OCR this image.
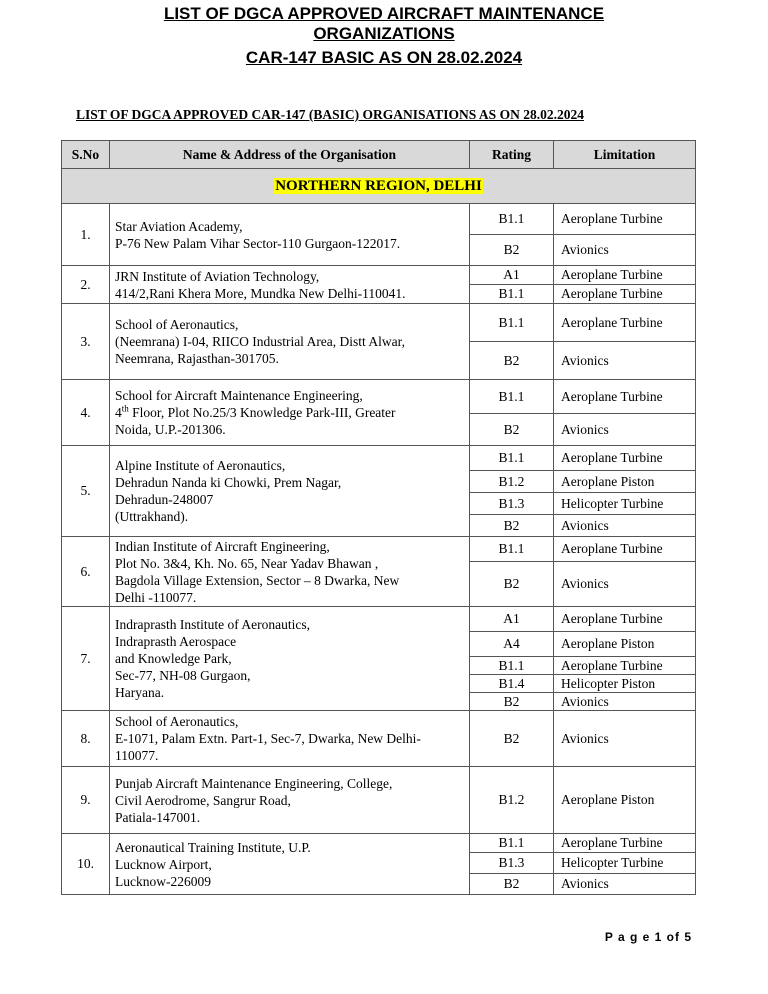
LIST OF DGCA APPROVED AIRCRAFT MAINTENANCE
ORGANIZATIONS
CAR-147 BASIC AS ON 28.02.2024
LIST OF DGCA APPROVED CAR-147 (BASIC) ORGANISATIONS AS ON 28.02.2024
S.No	Name & Address of the Organisation	Rating	Limitation
NORTHERN REGION, DELHI			
1.	Star Aviation Academy,
P-76 New Palam Vihar Sector-110 Gurgaon-122017.	B1.1	Aeroplane Turbine
		B2	Avionics
2.	JRN Institute of Aviation Technology,
414/2,Rani Khera More, Mundka New Delhi-110041.	A1	Aeroplane Turbine
		B1.1	Aeroplane Turbine
3.	School of Aeronautics,
(Neemrana) I-04, RIICO Industrial Area, Distt Alwar,
Neemrana, Rajasthan-301705.	B1.1	Aeroplane Turbine
		B2	Avionics
4.	School for Aircraft Maintenance Engineering,
4th Floor, Plot No.25/3 Knowledge Park-III, Greater
Noida, U.P.-201306.	B1.1	Aeroplane Turbine
		B2	Avionics
5.	Alpine Institute of Aeronautics,
Dehradun Nanda ki Chowki, Prem Nagar,
Dehradun-248007
(Uttrakhand).	B1.1	Aeroplane Turbine
		B1.2	Aeroplane Piston
		B1.3	Helicopter Turbine
		B2	Avionics
6.	Indian Institute of Aircraft Engineering,
Plot No. 3&4, Kh. No. 65, Near Yadav Bhawan ,
Bagdola Village Extension, Sector – 8 Dwarka, New
Delhi -110077.	B1.1	Aeroplane Turbine
		B2	Avionics
7.	Indraprasth Institute of Aeronautics,
Indraprasth Aerospace
and Knowledge Park,
Sec-77, NH-08 Gurgaon,
Haryana.	A1	Aeroplane Turbine
		A4	Aeroplane Piston
		B1.1	Aeroplane Turbine
		B1.4	Helicopter Piston
		B2	Avionics
8.	School of Aeronautics,
E-1071, Palam Extn. Part-1, Sec-7, Dwarka, New Delhi-
110077.	B2	Avionics
9.	Punjab Aircraft Maintenance Engineering, College,
Civil Aerodrome, Sangrur Road,
Patiala-147001.	B1.2	Aeroplane Piston
10.	Aeronautical Training Institute, U.P.
Lucknow Airport,
Lucknow-226009	B1.1	Aeroplane Turbine
		B1.3	Helicopter Turbine
		B2	Avionics
P a g e 1 of 5
